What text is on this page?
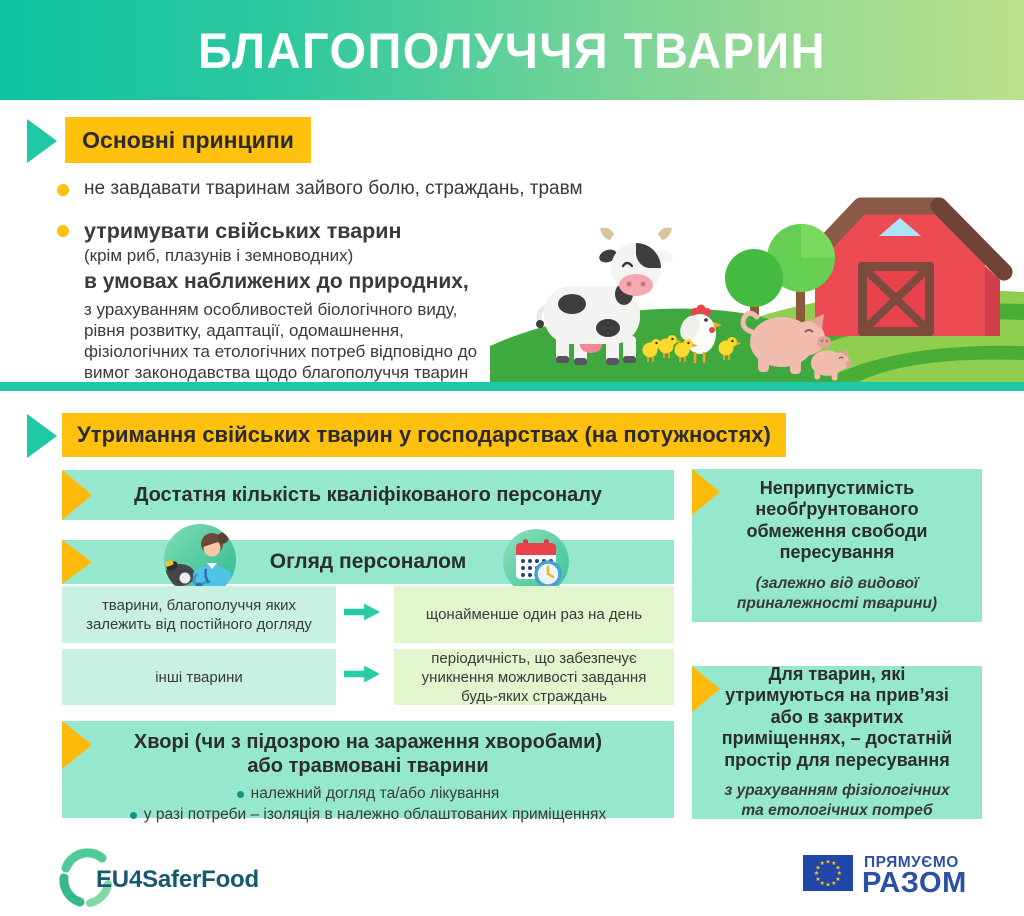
БЛАГОПОЛУЧЧЯ ТВАРИН
Основні принципи
не завдавати тваринам зайвого болю, страждань, травм
утримувати свійських тварин
(крім риб, плазунів і земноводних)
в умовах наближених до природних,
з урахуванням особливостей біологічного виду, рівня розвитку, адаптації, одомашнення, фізіологічних та етологічних потреб відповідно до вимог законодавства щодо благополуччя тварин
Утримання свійських тварин у господарствах (на потужностях)
Достатня кількість кваліфікованого персоналу
Огляд персоналом
тварини, благополуччя яких залежить від постійного догляду
щонайменше один раз на день
інші тварини
періодичність, що забезпечує уникнення можливості завдання будь-яких страждань
Хворі (чи з підозрою на зараження хворобами)
або травмовані тварини
належний догляд та/або лікування
у разі потреби – ізоляція в належно облаштованих приміщеннях
Неприпустимість необґрунтованого обмеження свободи пересування
(залежно від видової приналежності тварини)
Для тварин, які утримуються на прив’язі або в закритих приміщеннях, – достатній простір для пересування
з урахуванням фізіологічних та етологічних потреб
EU4SaferFood
★ ★
★
★
★
★
★
★
★
★
★
★	ПРЯМУЄМО
РАЗОМ
